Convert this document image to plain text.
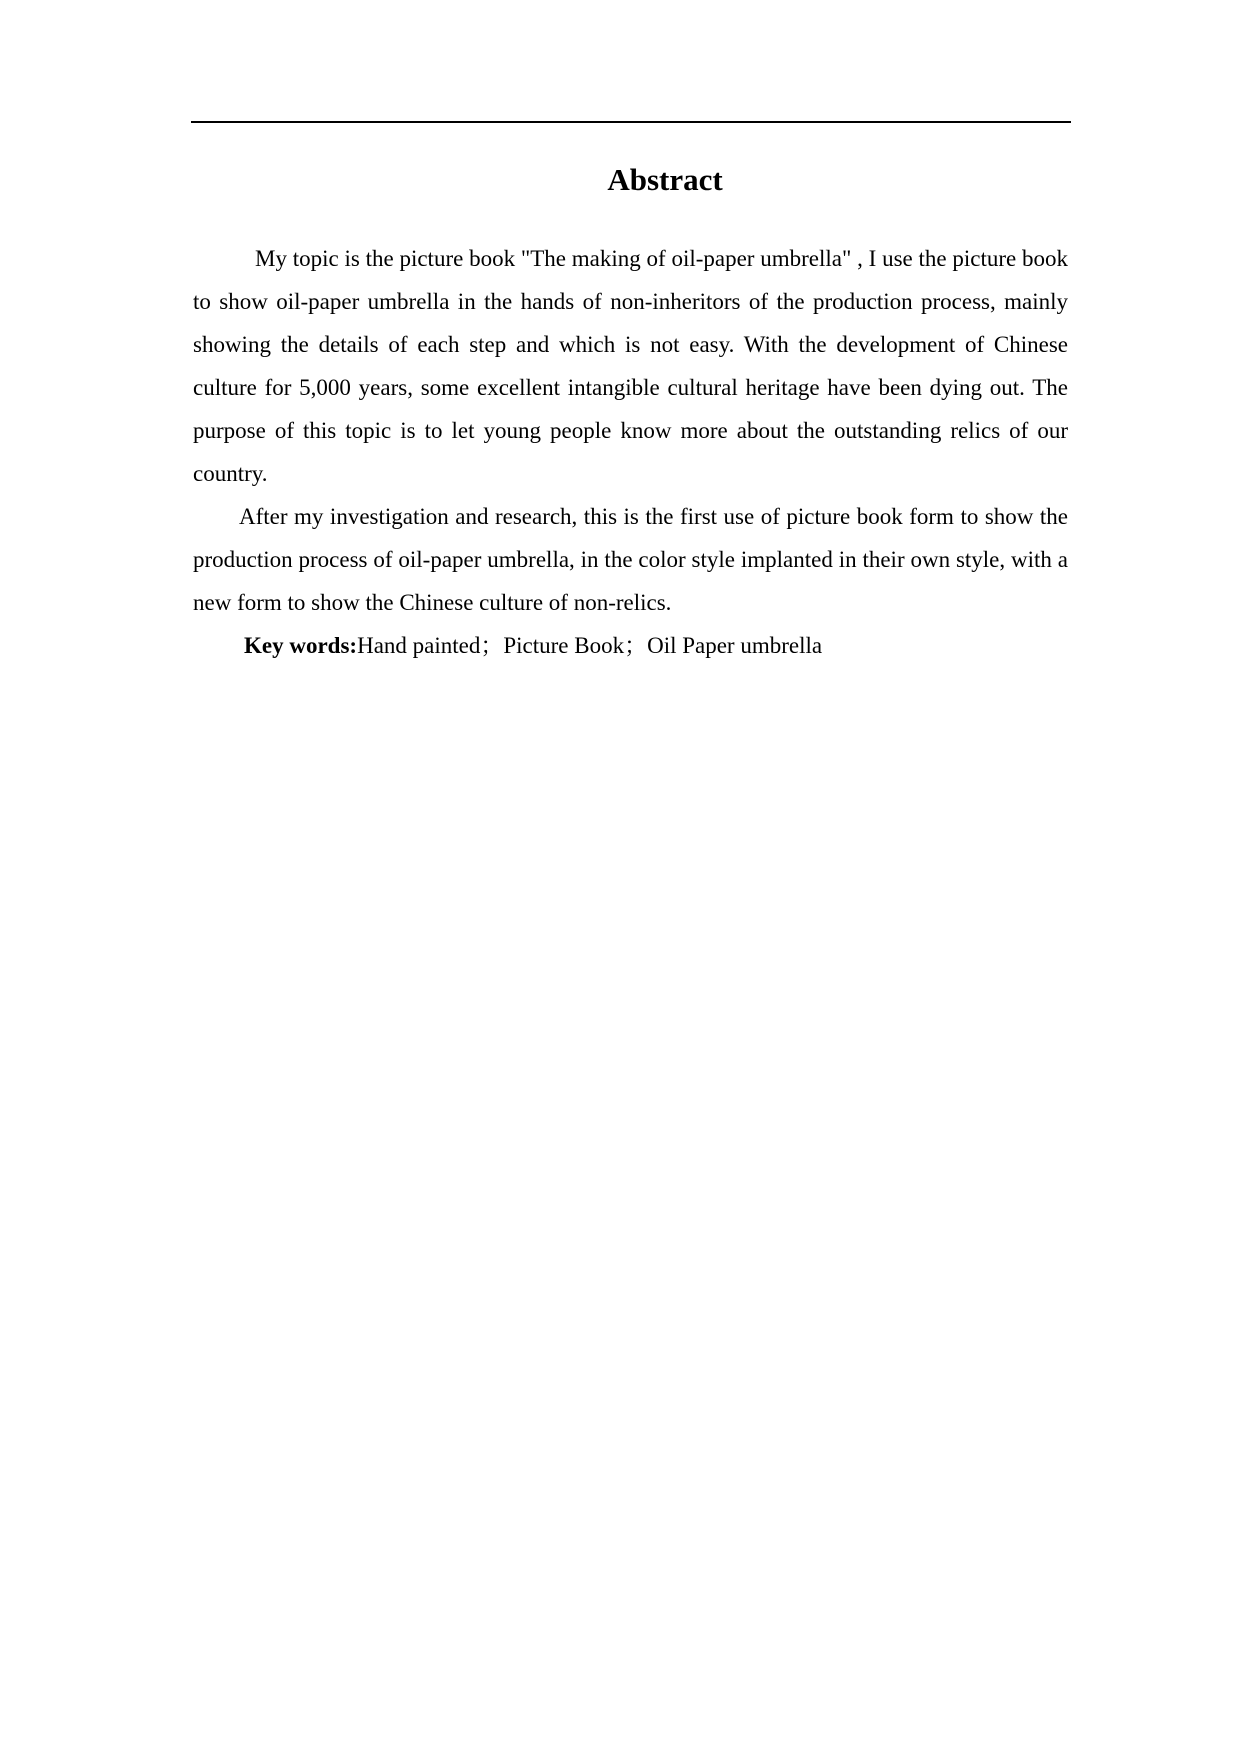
Abstract

My topic is the picture book "The making of oil-paper umbrella" , I use the picture book to show oil-paper umbrella in the hands of non-inheritors of the production process, mainly showing the details of each step and which is not easy. With the development of Chinese culture for 5,000 years, some excellent intangible cultural heritage have been dying out. The purpose of this topic is to let young people know more about the outstanding relics of our country.

After my investigation and research, this is the first use of picture book form to show the production process of oil-paper umbrella, in the color style implanted in their own style, with a new form to show the Chinese culture of non-relics.

Key words:Hand painted；Picture Book；Oil Paper umbrella
